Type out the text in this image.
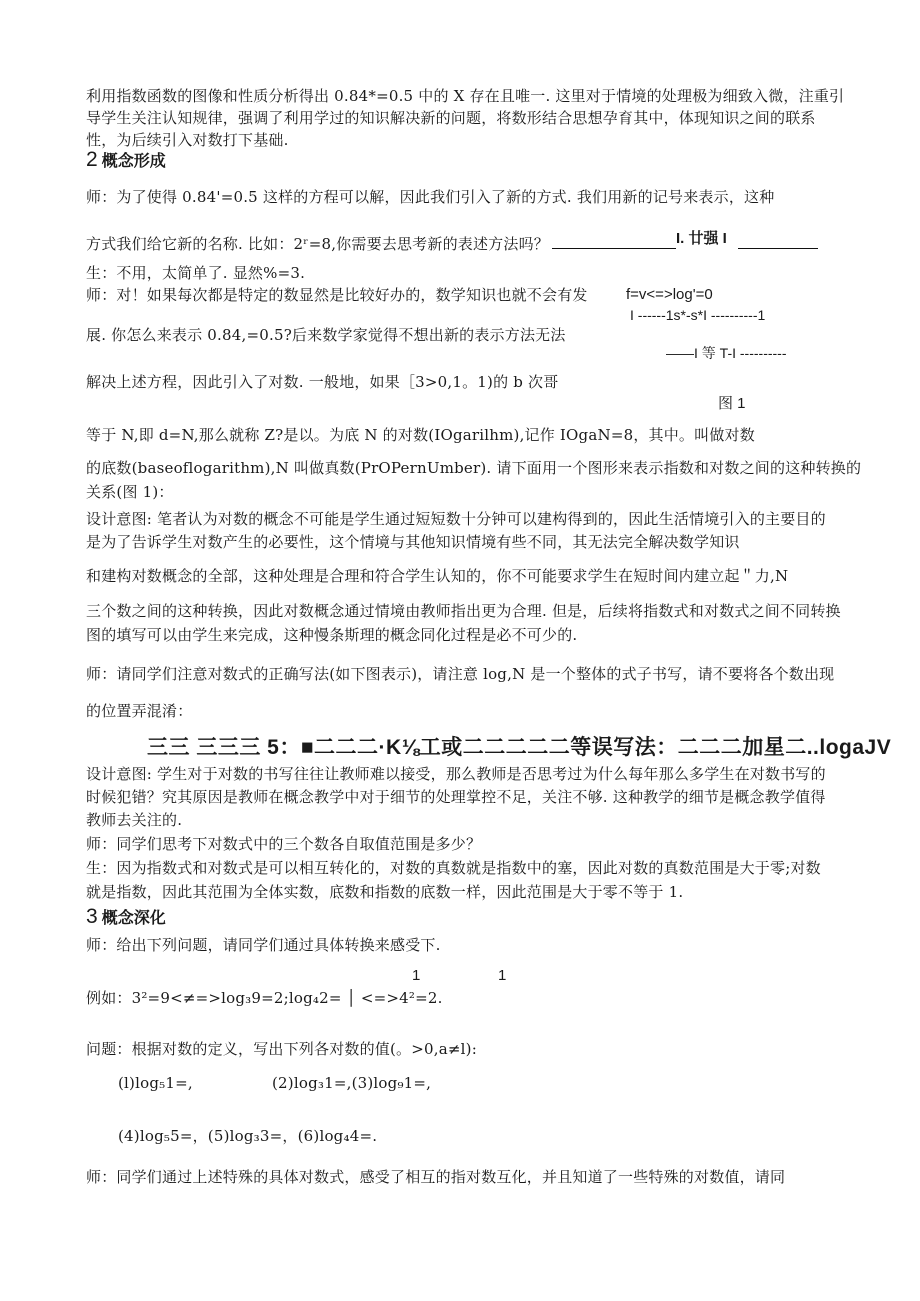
利用指数函数的图像和性质分析得出 0.84*=0.5 中的 X 存在且唯一. 这里对于情境的处理极为细致入微，注重引
导学生关注认知规律，强调了利用学过的知识解决新的问题，将数形结合思想孕育其中，体现知识之间的联系
性，为后续引入对数打下基础.
2 概念形成
师：为了使得 0.84'=0.5 这样的方程可以解，因此我们引入了新的方式. 我们用新的记号来表示，这种
方式我们给它新的名称. 比如：2ʳ=8,你需要去思考新的表述方法吗？	I. 廿强 I
生：不用，太简单了. 显然%=3.
师：对！如果每次都是特定的数显然是比较好办的，数学知识也就不会有发	f=v<=>log'=0
I ------1s*-s*I ----------1
展. 你怎么来表示 0.84,=0.5?后来数学家觉得不想出新的表示方法无法
——I 等 T-I ----------
解决上述方程，因此引入了对数. 一般地，如果［3>0,1。1)的 b 次哥
图 1
等于 N,即 d=N,那么就称 Z?是以。为底 N 的对数(IOgarilhm),记作 IOgaN=8，其中。叫做对数
的底数(baseoflogarithm),N 叫做真数(PrOPernUmber). 请下面用一个图形来表示指数和对数之间的这种转换的
关系(图 1)：
设计意图: 笔者认为对数的概念不可能是学生通过短短数十分钟可以建构得到的，因此生活情境引入的主要目的
是为了告诉学生对数产生的必要性，这个情境与其他知识情境有些不同，其无法完全解决数学知识
和建构对数概念的全部，这种处理是合理和符合学生认知的，你不可能要求学生在短时间内建立起＂力,N
三个数之间的这种转换，因此对数概念通过情境由教师指出更为合理. 但是，后续将指数式和对数式之间不同转换
图的填写可以由学生来完成，这种慢条斯理的概念同化过程是必不可少的.
师：请同学们注意对数式的正确写法(如下图表示)，请注意 log,N 是一个整体的式子书写，请不要将各个数出现
的位置弄混淆：
三三 三三三 5：■二二二·K⅛工或二二二二二等误写法：二二二加星二..logaJV
设计意图: 学生对于对数的书写往往让教师难以接受，那么教师是否思考过为什么每年那么多学生在对数书写的
时候犯错？究其原因是教师在概念教学中对于细节的处理掌控不足，关注不够. 这种教学的细节是概念教学值得
教师去关注的.
师：同学们思考下对数式中的三个数各自取值范围是多少？
生：因为指数式和对数式是可以相互转化的，对数的真数就是指数中的塞，因此对数的真数范围是大于零;对数
就是指数，因此其范围为全体实数，底数和指数的底数一样，因此范围是大于零不等于 1.
3 概念深化
师：给出下列问题，请同学们通过具体转换来感受下.
1	1
例如：3²=9<≠=>log₃9=2;log₄2= │ <=>4²=2.
问题：根据对数的定义，写出下列各对数的值(。>0,a≠l):
(l)log₅1=,	(2)log₃1=,(3)log₉1=,
(4)log₅5=，(5)log₃3=，(6)log₄4=.
师：同学们通过上述特殊的具体对数式，感受了相互的指对数互化，并且知道了一些特殊的对数值，请同
